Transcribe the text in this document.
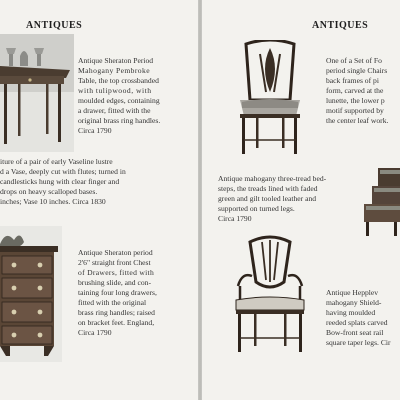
ANTIQUES

Antique Sheraton Period

Mahogany Pembroke

Table, the top crossbanded

with tulipwood, with

moulded edges, containing

a drawer, fitted with the

original brass ring handles.

Circa 1790

iture of a pair of early Vaseline lustre

d a Vase, deeply cut with flutes; turned in

candlesticks hung with clear finger and

drops on heavy scalloped bases.

inches; Vase 10 inches. Circa 1830

Antique Sheraton period

2'6" straight front Chest

of Drawers, fitted with

brushing slide, and con-

taining four long drawers,

fitted with the original

brass ring handles; raised

on bracket feet. England,

Circa 1790

ANTIQUES

One of a Set of Fo

period single Chairs

back frames of pi

form, carved at the

lunette, the lower p

motif supported by

the center leaf work.

Antique mahogany three-tread bed-

steps, the treads lined with faded

green and gilt tooled leather and

supported on turned legs.

Circa 1790

Antique Hepplev

mahogany Shield-

having moulded

reeded splats carved

Bow-front seat rail

square taper legs. Cir
